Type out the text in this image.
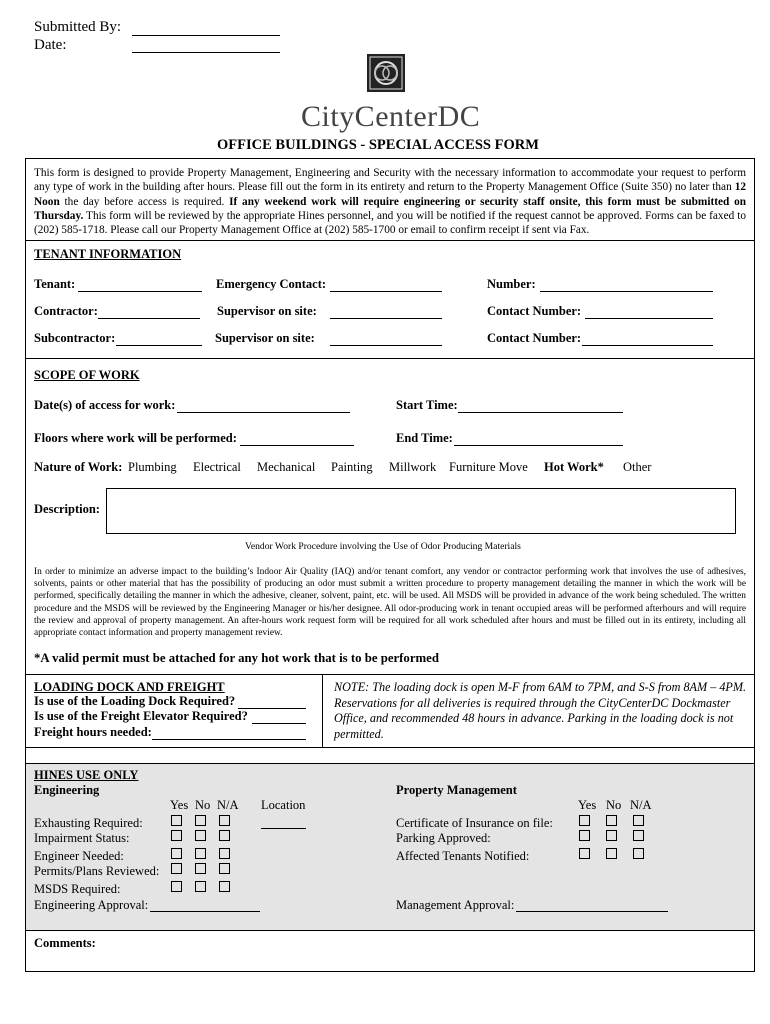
Submitted By:
Date:
CityCenterDC
OFFICE BUILDINGS - SPECIAL ACCESS FORM
This form is designed to provide Property Management, Engineering and Security with the necessary information to accommodate your request to perform any type of work in the building after hours. Please fill out the form in its entirety and return to the Property Management Office (Suite 350) no later than 12 Noon the day before access is required. If any weekend work will require engineering or security staff onsite, this form must be submitted on Thursday. This form will be reviewed by the appropriate Hines personnel, and you will be notified if the request cannot be approved. Forms can be faxed to (202) 585-1718. Please call our Property Management Office at (202) 585-1700 or email to confirm receipt if sent via Fax.
TENANT INFORMATION
Tenant:	Emergency Contact:	Number:
Contractor:	Supervisor on site:	Contact Number:
Subcontractor:	Supervisor on site:	Contact Number:
SCOPE OF WORK
Date(s) of access for work:	Start Time:
Floors where work will be performed:	End Time:
Nature of Work: Plumbing Electrical Mechanical Painting Millwork Furniture Move Hot Work* Other
Description:
Vendor Work Procedure involving the Use of Odor Producing Materials
In order to minimize an adverse impact to the building’s Indoor Air Quality (IAQ) and/or tenant comfort, any vendor or contractor performing work that involves the use of adhesives, solvents, paints or other material that has the possibility of producing an odor must submit a written procedure to property management detailing the manner in which the work will be performed, specifically detailing the manner in which the adhesive, cleaner, solvent, paint, etc. will be used. All MSDS will be provided in advance of the work being scheduled. The written procedure and the MSDS will be reviewed by the Engineering Manager or his/her designee. All odor-producing work in tenant occupied areas will be performed afterhours and will require the review and approval of property management. An after-hours work request form will be required for all work scheduled after hours and must be filled out in its entirety, including all appropriate contact information and property management review.
*A valid permit must be attached for any hot work that is to be performed
LOADING DOCK AND FREIGHT
Is use of the Loading Dock Required?
Is use of the Freight Elevator Required?
Freight hours needed:
NOTE: The loading dock is open M-F from 6AM to 7PM, and S-S from 8AM – 4PM. Reservations for all deliveries is required through the CityCenterDC Dockmaster Office, and recommended 48 hours in advance. Parking in the loading dock is not permitted.
HINES USE ONLY
Engineering	Property Management
Yes No N/A Location
Exhausting Required:
Impairment Status:
Engineer Needed:
Permits/Plans Reviewed:
MSDS Required:
Engineering Approval:
Yes No N/A
Certificate of Insurance on file:
Parking Approved:
Affected Tenants Notified:
Management Approval:
Comments:
